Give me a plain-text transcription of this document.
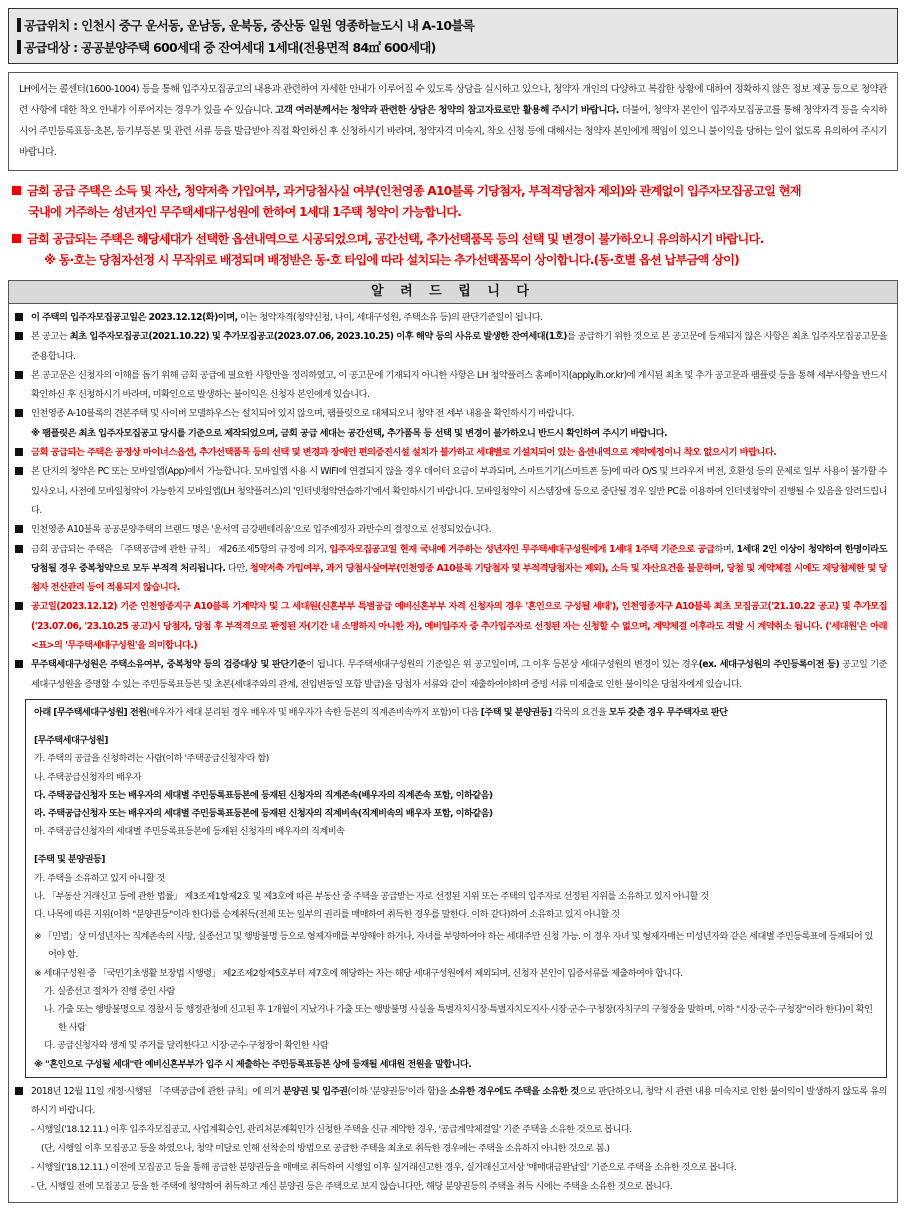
공급위치 : 인천시 중구 운서동, 운남동, 운북동, 중산동 일원 영종하늘도시 내 A-10블록
공급대상 : 공공분양주택 600세대 중 잔여세대 1세대(전용면적 84㎡ 600세대)
LH에서는 콜센터(1600-1004) 등을 통해 입주자모집공고의 내용과 관련하여 자세한 안내가 이루어질 수 있도록 상담을 실시하고 있으나, 청약자 개인의 다양하고 복잡한 상황에 대하여 정확하지 않은 정보 제공 등으로 청약관련 사항에 대한 착오 안내가 이루어지는 경우가 있을 수 있습니다. 고객 여러분께서는 청약과 관련한 상담은 청약의 참고자료로만 활용해 주시기 바랍니다. 더불어, 청약자 본인이 입주자모집공고를 통해 청약자격 등을 숙지하시어 주민등록표등·초본, 등기부등본 및 관련 서류 등을 발급받아 직접 확인하신 후 신청하시기 바라며, 청약자격 미숙지, 착오 신청 등에 대해서는 청약자 본인에게 책임이 있으니 불이익을 당하는 일이 없도록 유의하여 주시기 바랍니다.
금회 공급 주택은 소득 및 자산, 청약저축 가입여부, 과거당첨사실 여부(인천영종 A10블록 기당첨자, 부적격당첨자 제외)와 관계없이 입주자모집공고일 현재
국내에 거주하는 성년자인 무주택세대구성원에 한하여 1세대 1주택 청약이 가능합니다.
금회 공급되는 주택은 해당세대가 선택한 옵션내역으로 시공되었으며, 공간선택, 추가선택품목 등의 선택 및 변경이 불가하오니 유의하시기 바랍니다.
※ 동·호는 당첨자선정 시 무작위로 배정되며 배정받은 동·호 타입에 따라 설치되는 추가선택품목이 상이합니다.(동·호별 옵션 납부금액 상이)
알 려 드 립 니 다
이 주택의 입주자모집공고일은 2023.12.12(화)이며, 이는 청약자격(청약신청, 나이, 세대구성원, 주택소유 등)의 판단기준일이 됩니다.
본 공고는 최초 입주자모집공고(2021.10.22) 및 추가모집공고(2023.07.06, 2023.10.25) 이후 해약 등의 사유로 발생한 잔여세대(1호)를 공급하기 위한 것으로 본 공고문에 등재되지 않은 사항은 최초 입주자모집공고문을 준용합니다.
본 공고문은 신청자의 이해를 돕기 위해 금회 공급에 필요한 사항만을 정리하였고, 이 공고문에 기재되지 아니한 사항은 LH 청약플러스 홈페이지(apply.lh.or.kr)에 게시된 최초 및 추가 공고문과 팸플릿 등을 통해 세부사항을 반드시 확인하신 후 신청하시기 바라며, 미확인으로 발생하는 불이익은 신청자 본인에게 있습니다.
인천영종 A-10블록의 견본주택 및 사이버 모델하우스는 설치되어 있지 않으며, 팸플릿으로 대체되오니 청약 전 세부 내용을 확인하시기 바랍니다.
※ 팸플릿은 최초 입주자모집공고 당시를 기준으로 제작되었으며, 금회 공급 세대는 공간선택, 추가품목 등 선택 및 변경이 불가하오니 반드시 확인하여 주시기 바랍니다.
금회 공급되는 주택은 공정상 마이너스옵션, 추가선택품목 등의 선택 및 변경과 장애인 편의증진시설 설치가 불가하고 세대별로 기설치되어 있는 옵션내역으로 계약예정이니 착오 없으시기 바랍니다.
본 단지의 청약은 PC 또는 모바일앱(App)에서 가능합니다. 모바일앱 사용 시 WIFI에 연결되지 않을 경우 데이터 요금이 부과되며, 스마트기기(스마트폰 등)에 따라 O/S 및 브라우저 버전, 호환성 등의 문제로 일부 사용이 불가할 수 있사오니, 사전에 모바일청약이 가능한지 모바일앱(LH 청약플러스)의 '인터넷청약연습하기'에서 확인하시기 바랍니다. 모바일청약이 시스템장애 등으로 중단될 경우 일반 PC를 이용하여 인터넷청약이 진행될 수 있음을 알려드립니다.
인천영종 A10블록 공공분양주택의 브랜드 명은 '운서역 금강펜테리움'으로 입주예정자 과반수의 결정으로 선정되었습니다.
금회 공급되는 주택은 「주택공급에 관한 규칙」 제26조제5항의 규정에 의거, 입주자모집공고일 현재 국내에 거주하는 성년자인 무주택세대구성원에게 1세대 1주택 기준으로 공급하며, 1세대 2인 이상이 청약하여 한명이라도 당첨될 경우 중복청약으로 모두 부적격 처리됩니다. 다만, 청약저축 가입여부, 과거 당첨사실여부(인천영종 A10블록 기당첨자 및 부적격당첨자는 제외), 소득 및 자산요건을 불문하며, 당첨 및 계약체결 시에도 재당첨제한 및 당첨자 전산관리 등이 적용되지 않습니다.
공고일(2023.12.12) 기준 인천영종지구 A10블록 기계약자 및 그 세대원(신혼부부 특별공급 예비신혼부부 자격 신청자의 경우 '혼인으로 구성될 세대'), 인천영종지구 A10블록 최초 모집공고('21.10.22 공고) 및 추가모집('23.07.06, '23.10.25 공고)시 당첨자, 당첨 후 부적격으로 판정된 자(기간 내 소명하지 아니한 자), 예비입주자 중 추가입주자로 선정된 자는 신청할 수 없으며, 계약체결 이후라도 적발 시 계약취소 됩니다. ('세대원'은 아래 <표>의 '무주택세대구성원'을 의미합니다.)
무주택세대구성원은 주택소유여부, 중복청약 등의 검증대상 및 판단기준이 됩니다. 무주택세대구성원의 기준일은 위 공고일이며, 그 이후 등본상 세대구성원의 변경이 있는 경우(ex. 세대구성원의 주민등록이전 등) 공고일 기준 세대구성원을 증명할 수 있는 주민등록표등본 및 초본(세대주와의 관계, 전입변동일 포함 발급)을 당첨자 서류와 같이 제출하여야하며 증빙 서류 미제출로 인한 불이익은 당첨자에게 있습니다.
아래 [무주택세대구성원] 전원(배우자가 세대 분리된 경우 배우자 및 배우자가 속한 등본의 직계존비속까지 포함)이 다음 [주택 및 분양권등] 각목의 요건을 모두 갖춘 경우 무주택자로 판단
[무주택세대구성원]
가. 주택의 공급을 신청하려는 사람(이하 '주택공급신청자'라 함)
나. 주택공급신청자의 배우자
다. 주택공급신청자 또는 배우자의 세대별 주민등록표등본에 등재된 신청자의 직계존속(배우자의 직계존속 포함, 이하같음)
라. 주택공급신청자 또는 배우자의 세대별 주민등록표등본에 등재된 신청자의 직계비속(직계비속의 배우자 포함, 이하같음)
마. 주택공급신청자의 세대별 주민등록표등본에 등재된 신청자의 배우자의 직계비속
[주택 및 분양권등]
가. 주택을 소유하고 있지 아니할 것
나. 「부동산 거래신고 등에 관한 법률」 제3조제1항제2호 및 제3호에 따른 부동산 중 주택을 공급받는 자로 선정된 지위 또는 주택의 입주자로 선정된 지위를 소유하고 있지 아니할 것
다. 나목에 따른 지위(이하 "분양권등"이라 한다)를 승계취득(전체 또는 일부의 권리를 매매하여 취득한 경우를 말한다. 이하 같다)하여 소유하고 있지 아니할 것
※ 「민법」상 미성년자는 직계존속의 사망, 실종선고 및 행방불명 등으로 형제자매를 부양해야 하거나, 자녀를 부양하여야 하는 세대주만 신청 가능. 이 경우 자녀 및 형제자매는 미성년자와 같은 세대별 주민등록표에 등재되어 있어야 함.
※ 세대구성원 중 「국민기초생활 보장법 시행령」 제2조제2항제5호부터 제7호에 해당하는 자는 해당 세대구성원에서 제외되며, 신청자 본인이 입증서류를 제출하여야 합니다.
가. 실종선고 절차가 진행 중인 사람
나. 가출 또는 행방불명으로 경찰서 등 행정관청에 신고된 후 1개월이 지났거나 가출 또는 행방불명 사실을 특별자치시장·특별자치도지사·시장·군수·구청장(자치구의 구청장을 말하며, 이하 "시장·군수·구청장"이라 한다)이 확인한 사람
다. 공급신청자와 생계 및 주거를 달리한다고 시장·군수·구청장이 확인한 사람
※ "혼인으로 구성될 세대"란 예비신혼부부가 입주 시 제출하는 주민등록표등본 상에 등재될 세대원 전원을 말합니다.
2018년 12월 11일 개정·시행된 「주택공급에 관한 규칙」에 의거 분양권 및 입주권(이하 '분양권등'이라 함)을 소유한 경우에도 주택을 소유한 것으로 판단하오니, 청약 시 관련 내용 미숙지로 인한 불이익이 발생하지 않도록 유의하시기 바랍니다.
- 시행일('18.12.11.) 이후 입주자모집공고, 사업계획승인, 관리처분계획인가 신청한 주택을 신규 계약한 경우, '공급계약체결일' 기준 주택을 소유한 것으로 봅니다.
(단, 시행일 이후 모집공고 등을 하였으나, 청약 미달로 인해 선착순의 방법으로 공급한 주택을 최초로 취득한 경우에는 주택을 소유하지 아니한 것으로 봄.)
- 시행일('18.12.11.) 이전에 모집공고 등을 통해 공급한 분양권등을 매매로 취득하여 시행일 이후 실거래신고한 경우, 실거래신고서상 '매매대금완납일' 기준으로 주택을 소유한 것으로 봅니다.
- 단, 시행일 전에 모집공고 등을 한 주택에 청약하여 취득하고 계신 분양권 등은 주택으로 보지 않습니다만, 해당 분양권등의 주택을 취득 시에는 주택을 소유한 것으로 봅니다.
